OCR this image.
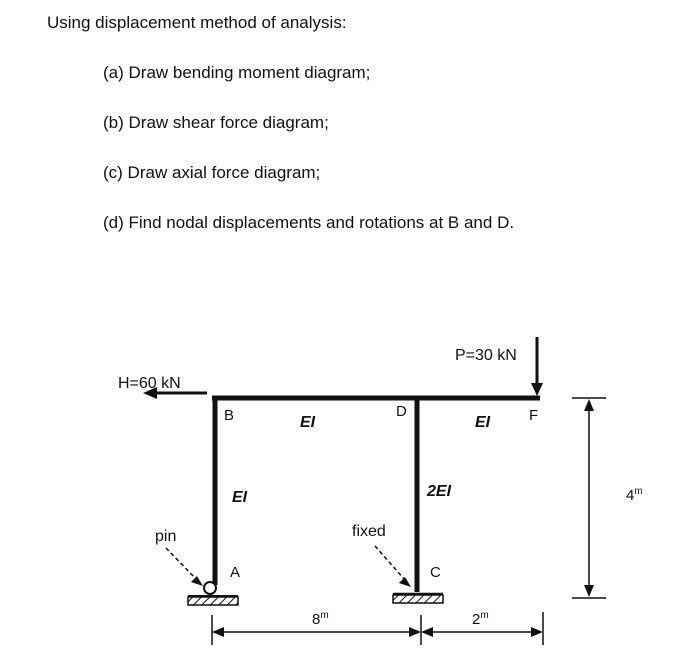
Using displacement method of analysis:
(a) Draw bending moment diagram;
(b) Draw shear force diagram;
(c) Draw axial force diagram;
(d) Find nodal displacements and rotations at B and D.
H=60 kN
P=30 kN
B	D	F
A	C
EI	EI
EI	2EI
pin	fixed
8$^m$	2$^m$
4$^m$
